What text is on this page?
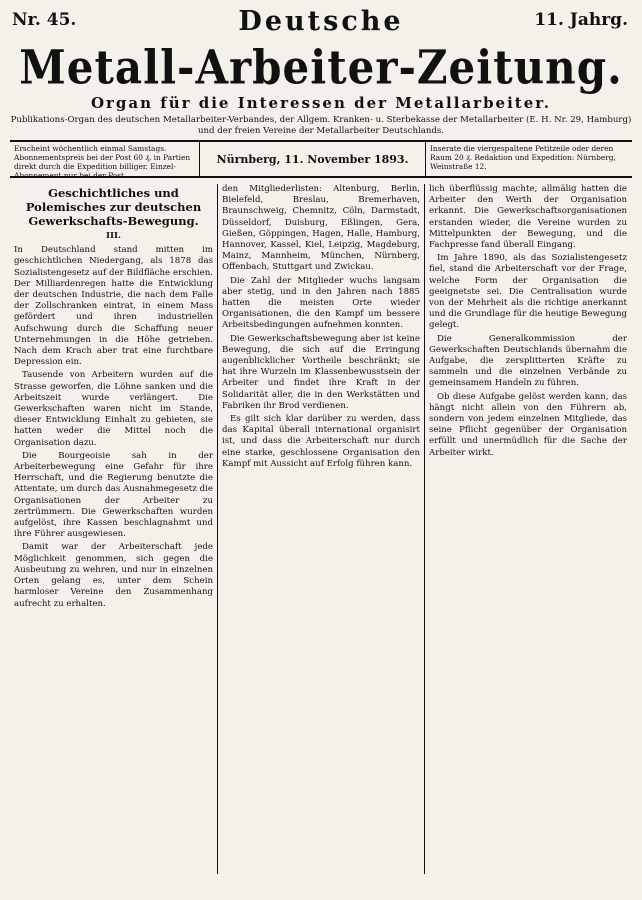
Nr. 45.	Deutsche	11. Jahrg.
Metall-Arbeiter-Zeitung.
Organ für die Interessen der Metallarbeiter.
Publikations-Organ des deutschen Metallarbeiter-Verbandes, der Allgem. Kranken- u. Sterbekasse der Metallarbeiter (E. H. Nr. 29, Hamburg) und der freien Vereine der Metallarbeiter Deutschlands.
Erscheint wöchentlich einmal Samstags. Abonnementspreis bei der Post 60 ₰, in Partien direkt durch die Expedition billiger. Einzel-Abonnement nur bei der Post.
Nürnberg, 11. November 1893.
Inserate die viergespaltene Petitzeile oder deren Raum 20 ₰. Redaktion und Expedition: Nürnberg, Weinstraße 12.
Geschichtliches und Polemisches zur deutschen Gewerkschafts-Bewegung.
III.

In Deutschland stand mitten im geschichtlichen Niedergang, als 1878 das Sozialistengesetz auf der Bildfläche erschien. Der Milliardenregen hatte die Entwicklung der deutschen Industrie, die nach dem Falle der Zollschranken eintrat, in einem Mass gefördert und ihren industriellen Aufschwung durch die Schaffung neuer Unternehmungen in die Höhe getrieben. Nach dem Krach aber trat eine furchtbare Depression ein.

Tausende von Arbeitern wurden auf die Strasse geworfen, die Löhne sanken und die Arbeitszeit wurde verlängert. Die Gewerkschaften waren nicht im Stande, dieser Entwicklung Einhalt zu gebieten, sie hatten weder die Mittel noch die Organisation dazu.

Die Bourgeoisie sah in der Arbeiterbewegung eine Gefahr für ihre Herrschaft, und die Regierung benutzte die Attentate, um durch das Ausnahmegesetz die Organisationen der Arbeiter zu zertrümmern. Die Gewerkschaften wurden aufgelöst, ihre Kassen beschlagnahmt und ihre Führer ausgewiesen.

Damit war der Arbeiterschaft jede Möglichkeit genommen, sich gegen die Ausbeutung zu wehren, und nur in einzelnen Orten gelang es, unter dem Schein harmloser Vereine den Zusammenhang aufrecht zu erhalten.

den Mitgliederlisten: Altenburg, Berlin, Bielefeld, Breslau, Bremerhaven, Braunschweig, Chemnitz, Cöln, Darmstadt, Düsseldorf, Duisburg, Eßlingen, Gera, Gießen, Göppingen, Hagen, Halle, Hamburg, Hannover, Kassel, Kiel, Leipzig, Magdeburg, Mainz, Mannheim, München, Nürnberg, Offenbach, Stuttgart und Zwickau.

Die Zahl der Mitglieder wuchs langsam aber stetig, und in den Jahren nach 1885 hatten die meisten Orte wieder Organisationen, die den Kampf um bessere Arbeitsbedingungen aufnehmen konnten.

Die Gewerkschaftsbewegung aber ist keine Bewegung, die sich auf die Erringung augenblicklicher Vortheile beschränkt; sie hat ihre Wurzeln im Klassenbewusstsein der Arbeiter und findet ihre Kraft in der Solidarität aller, die in den Werkstätten und Fabriken ihr Brod verdienen.

Es gilt sich klar darüber zu werden, dass das Kapital überall international organisirt ist, und dass die Arbeiterschaft nur durch eine starke, geschlossene Organisation den Kampf mit Aussicht auf Erfolg führen kann.

lich überflüssig machte, allmälig hatten die Arbeiter den Werth der Organisation erkannt. Die Gewerkschaftsorganisationen erstanden wieder, die Vereine wurden zu Mittelpunkten der Bewegung, und die Fachpresse fand überall Eingang.

Im Jahre 1890, als das Sozialistengesetz fiel, stand die Arbeiterschaft vor der Frage, welche Form der Organisation die geeignetste sei. Die Centralisation wurde von der Mehrheit als die richtige anerkannt und die Grundlage für die heutige Bewegung gelegt.

Die Generalkommission der Gewerkschaften Deutschlands übernahm die Aufgabe, die zersplitterten Kräfte zu sammeln und die einzelnen Verbände zu gemeinsamem Handeln zu führen.

Ob diese Aufgabe gelöst werden kann, das hängt nicht allein von den Führern ab, sondern von jedem einzelnen Mitgliede, das seine Pflicht gegenüber der Organisation erfüllt und unermüdlich für die Sache der Arbeiter wirkt.
